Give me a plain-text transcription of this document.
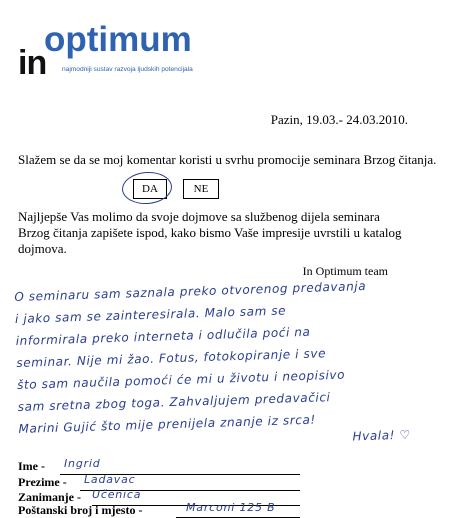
optimum
in najmodniji sustav razvoja ljudskih potencijala
Pazin, 19.03.- 24.03.2010.
Slažem se da se moj komentar koristi u svrhu promocije seminara Brzog čitanja.
DA	NE
Najljepše Vas molimo da svoje dojmove sa službenog dijela seminara Brzog čitanja zapišete ispod, kako bismo Vaše impresije uvrstili u katalog dojmova.
In Optimum team
O seminaru sam saznala preko otvorenog predavanja
i jako sam se zainteresirala. Malo sam se
informirala preko interneta i odlučila poći na
seminar. Nije mi žao. Fotus, fotokopiranje i sve
što sam naučila pomoći će mi u životu i neopisivo
sam sretna zbog toga. Zahvaljujem predavačici
Marini Gujić što mije prenijela znanje iz srca!	Hvala! ♡
Ime - Ingrid
Prezime - Ladavac
Zanimanje - Učenica
Poštanski broj i mjesto -	Marconi 125 B
